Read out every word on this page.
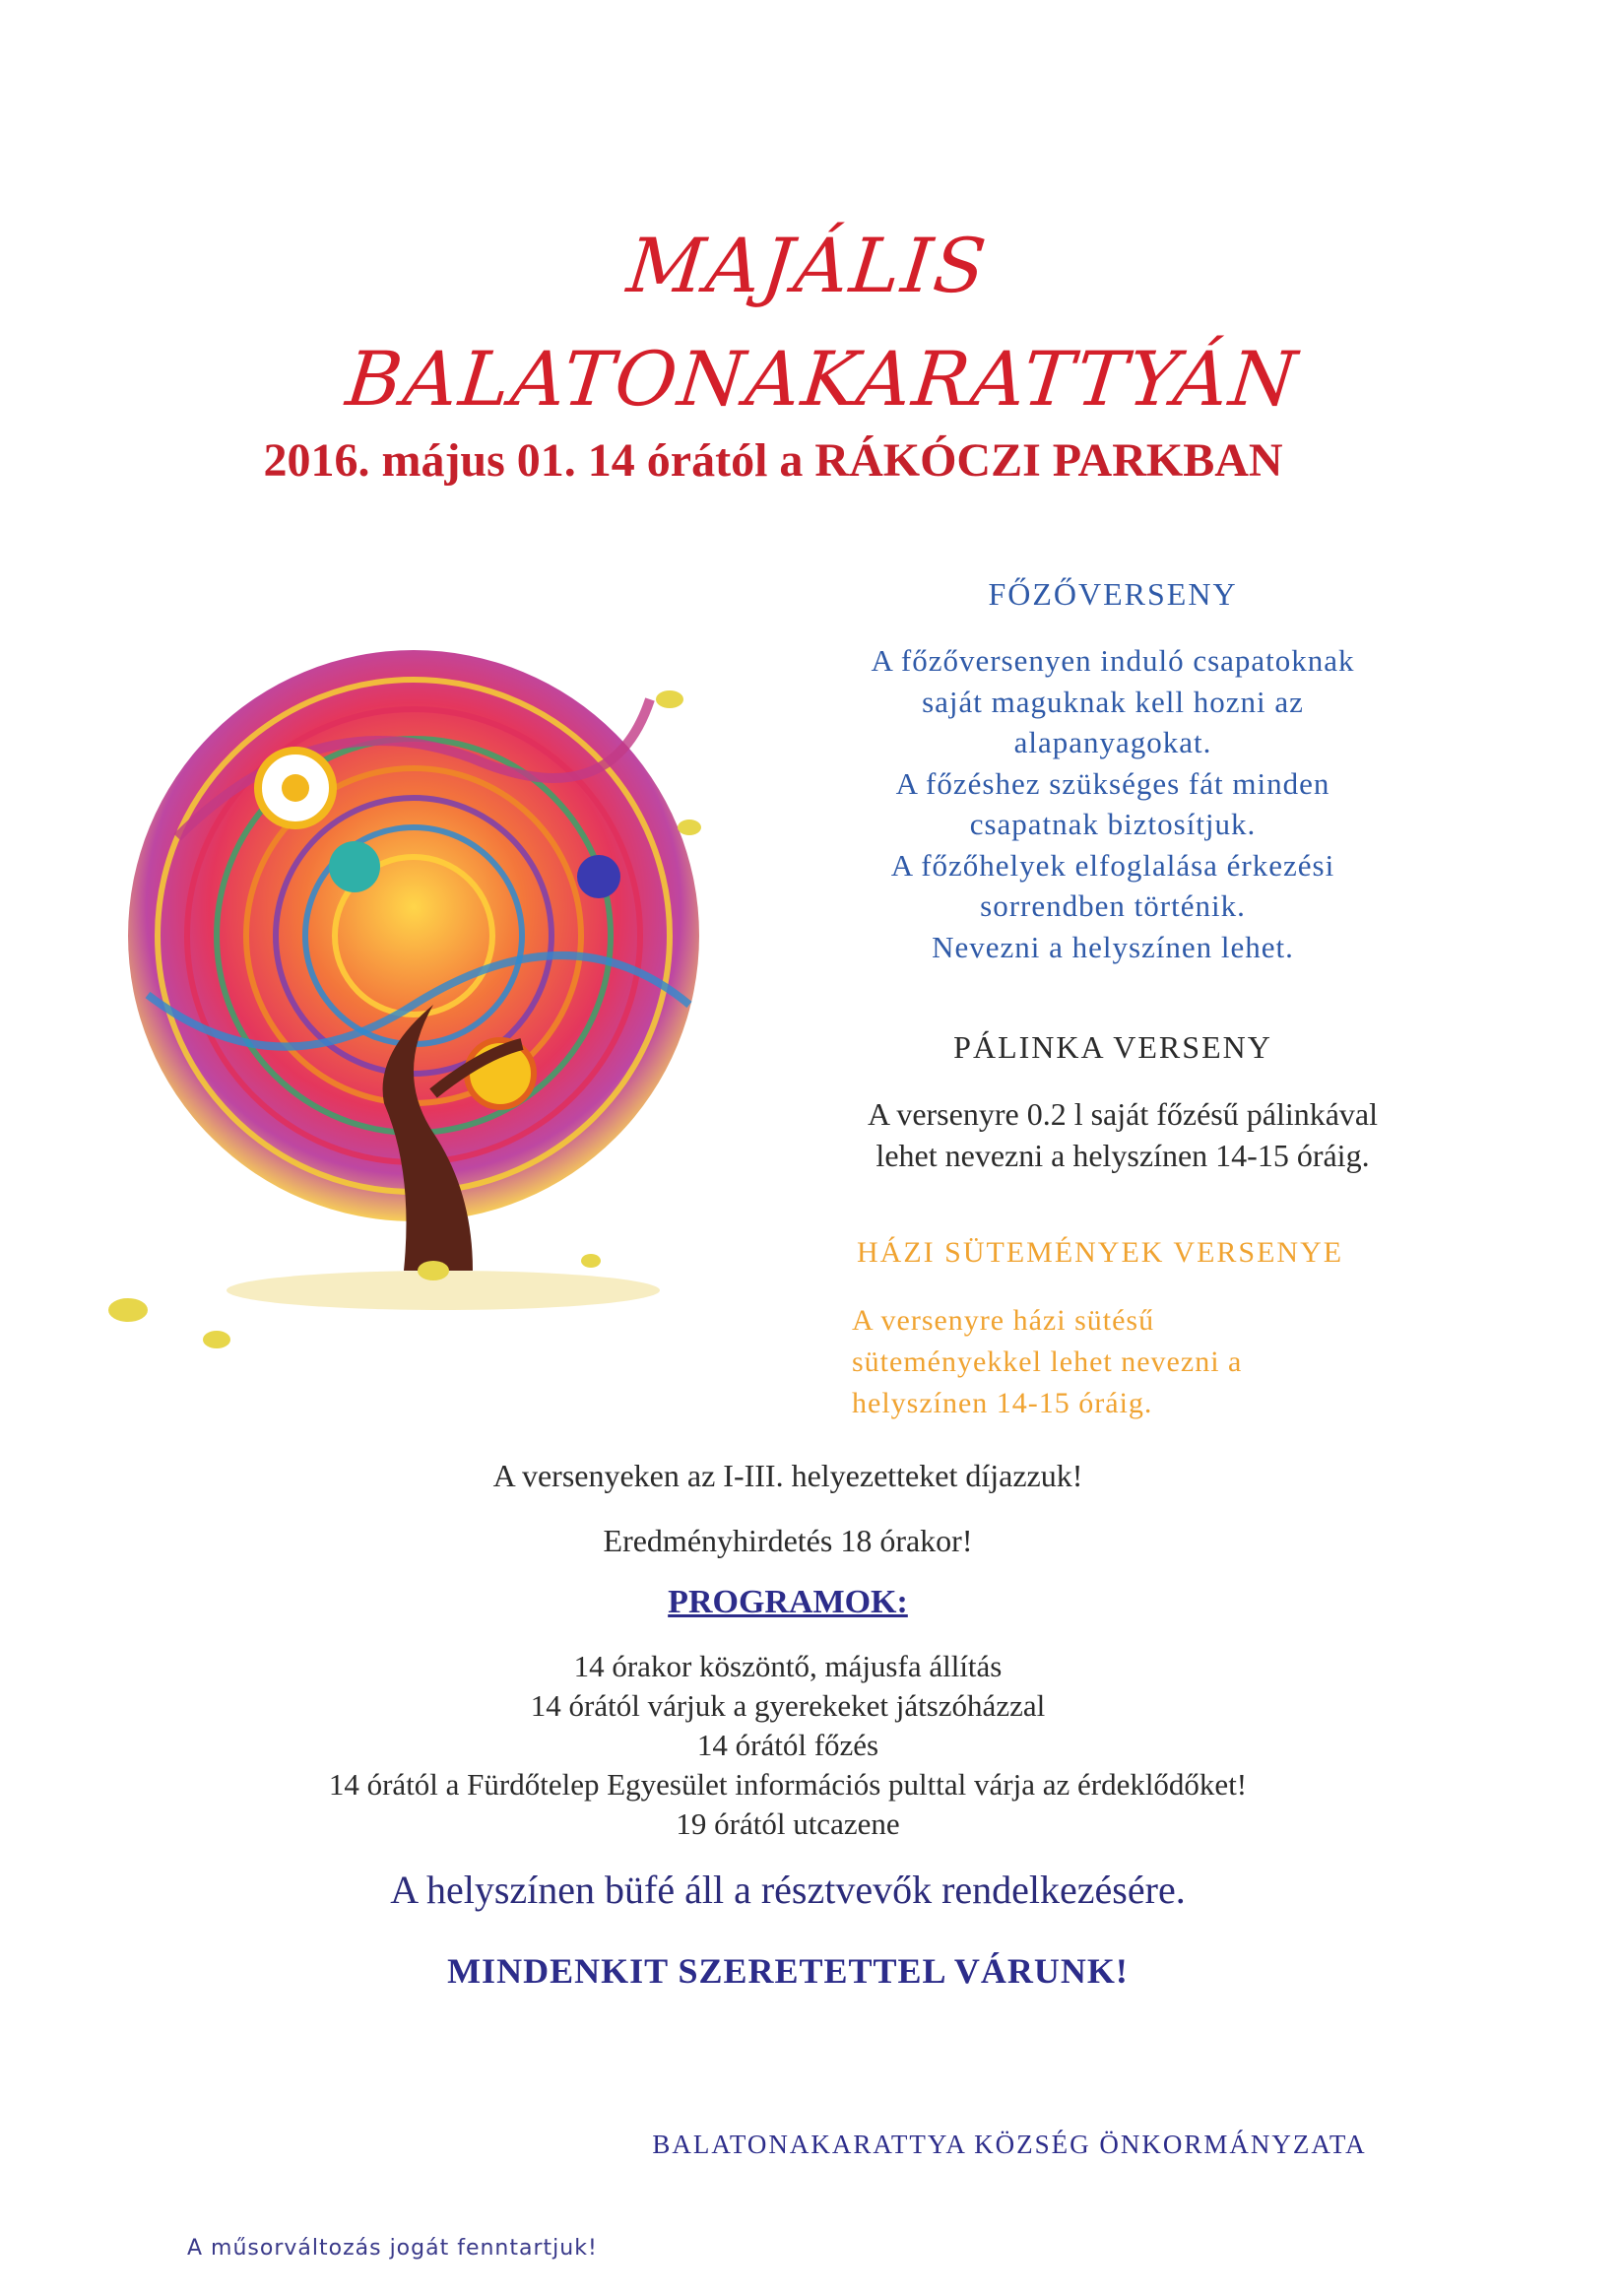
MAJÁLIS
BALATONAKARATTYÁN
2016. május 01. 14 órától a RÁKÓCZI PARKBAN
FŐZŐVERSENY
A főzőversenyen induló csapatoknak
saját maguknak kell hozni az
alapanyagokat.
A főzéshez szükséges fát minden
csapatnak biztosítjuk.
A főzőhelyek elfoglalása érkezési
sorrendben történik.
Nevezni a helyszínen lehet.
PÁLINKA VERSENY
A versenyre 0.2 l saját főzésű pálinkával
lehet nevezni a helyszínen 14-15 óráig.
HÁZI SÜTEMÉNYEK VERSENYE
A versenyre házi sütésű
süteményekkel lehet nevezni a
helyszínen 14-15 óráig.
A versenyeken az I-III. helyezetteket díjazzuk!
Eredményhirdetés 18 órakor!
PROGRAMOK:
14 órakor köszöntő, májusfa állítás
14 órától várjuk a gyerekeket játszóházzal
14 órától főzés
14 órától a Fürdőtelep Egyesület információs pulttal várja az érdeklődőket!
19 órától utcazene
A helyszínen büfé áll a résztvevők rendelkezésére.
MINDENKIT SZERETETTEL VÁRUNK!
BALATONAKARATTYA KÖZSÉG ÖNKORMÁNYZATA
A műsorváltozás jogát fenntartjuk!
